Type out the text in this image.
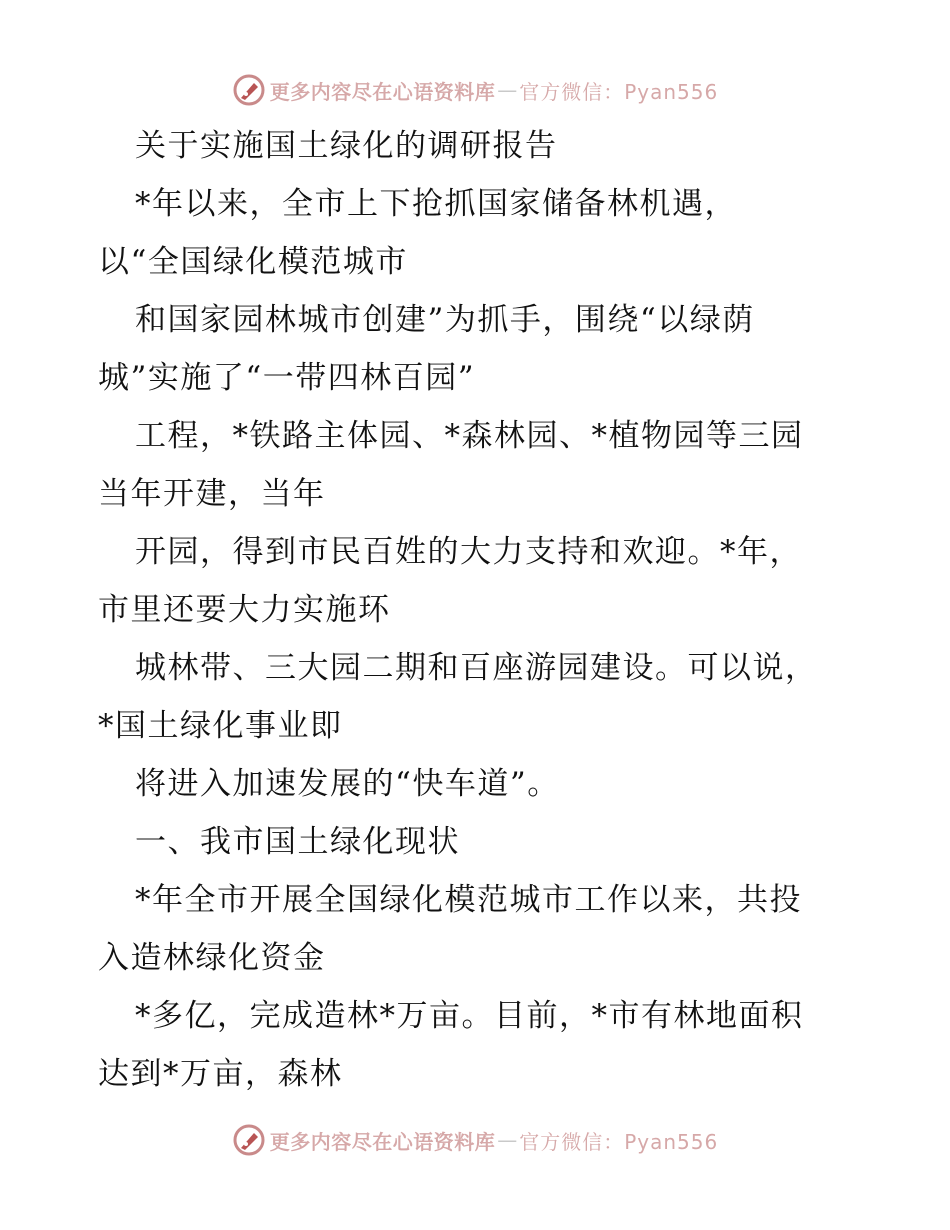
更多内容尽在心语资料库 — 官方微信：Pyan556
关于实施国土绿化的调研报告
*年以来，全市上下抢抓国家储备林机遇，
以“全国绿化模范城市
和国家园林城市创建”为抓手，围绕“以绿荫
城”实施了“一带四林百园”
工程，*铁路主体园、*森林园、*植物园等三园
当年开建，当年
开园，得到市民百姓的大力支持和欢迎。*年，
市里还要大力实施环
城林带、三大园二期和百座游园建设。可以说，
*国土绿化事业即
将进入加速发展的“快车道”。
一、我市国土绿化现状
*年全市开展全国绿化模范城市工作以来，共投
入造林绿化资金
*多亿，完成造林*万亩。目前，*市有林地面积
达到*万亩，森林
更多内容尽在心语资料库 — 官方微信：Pyan556
